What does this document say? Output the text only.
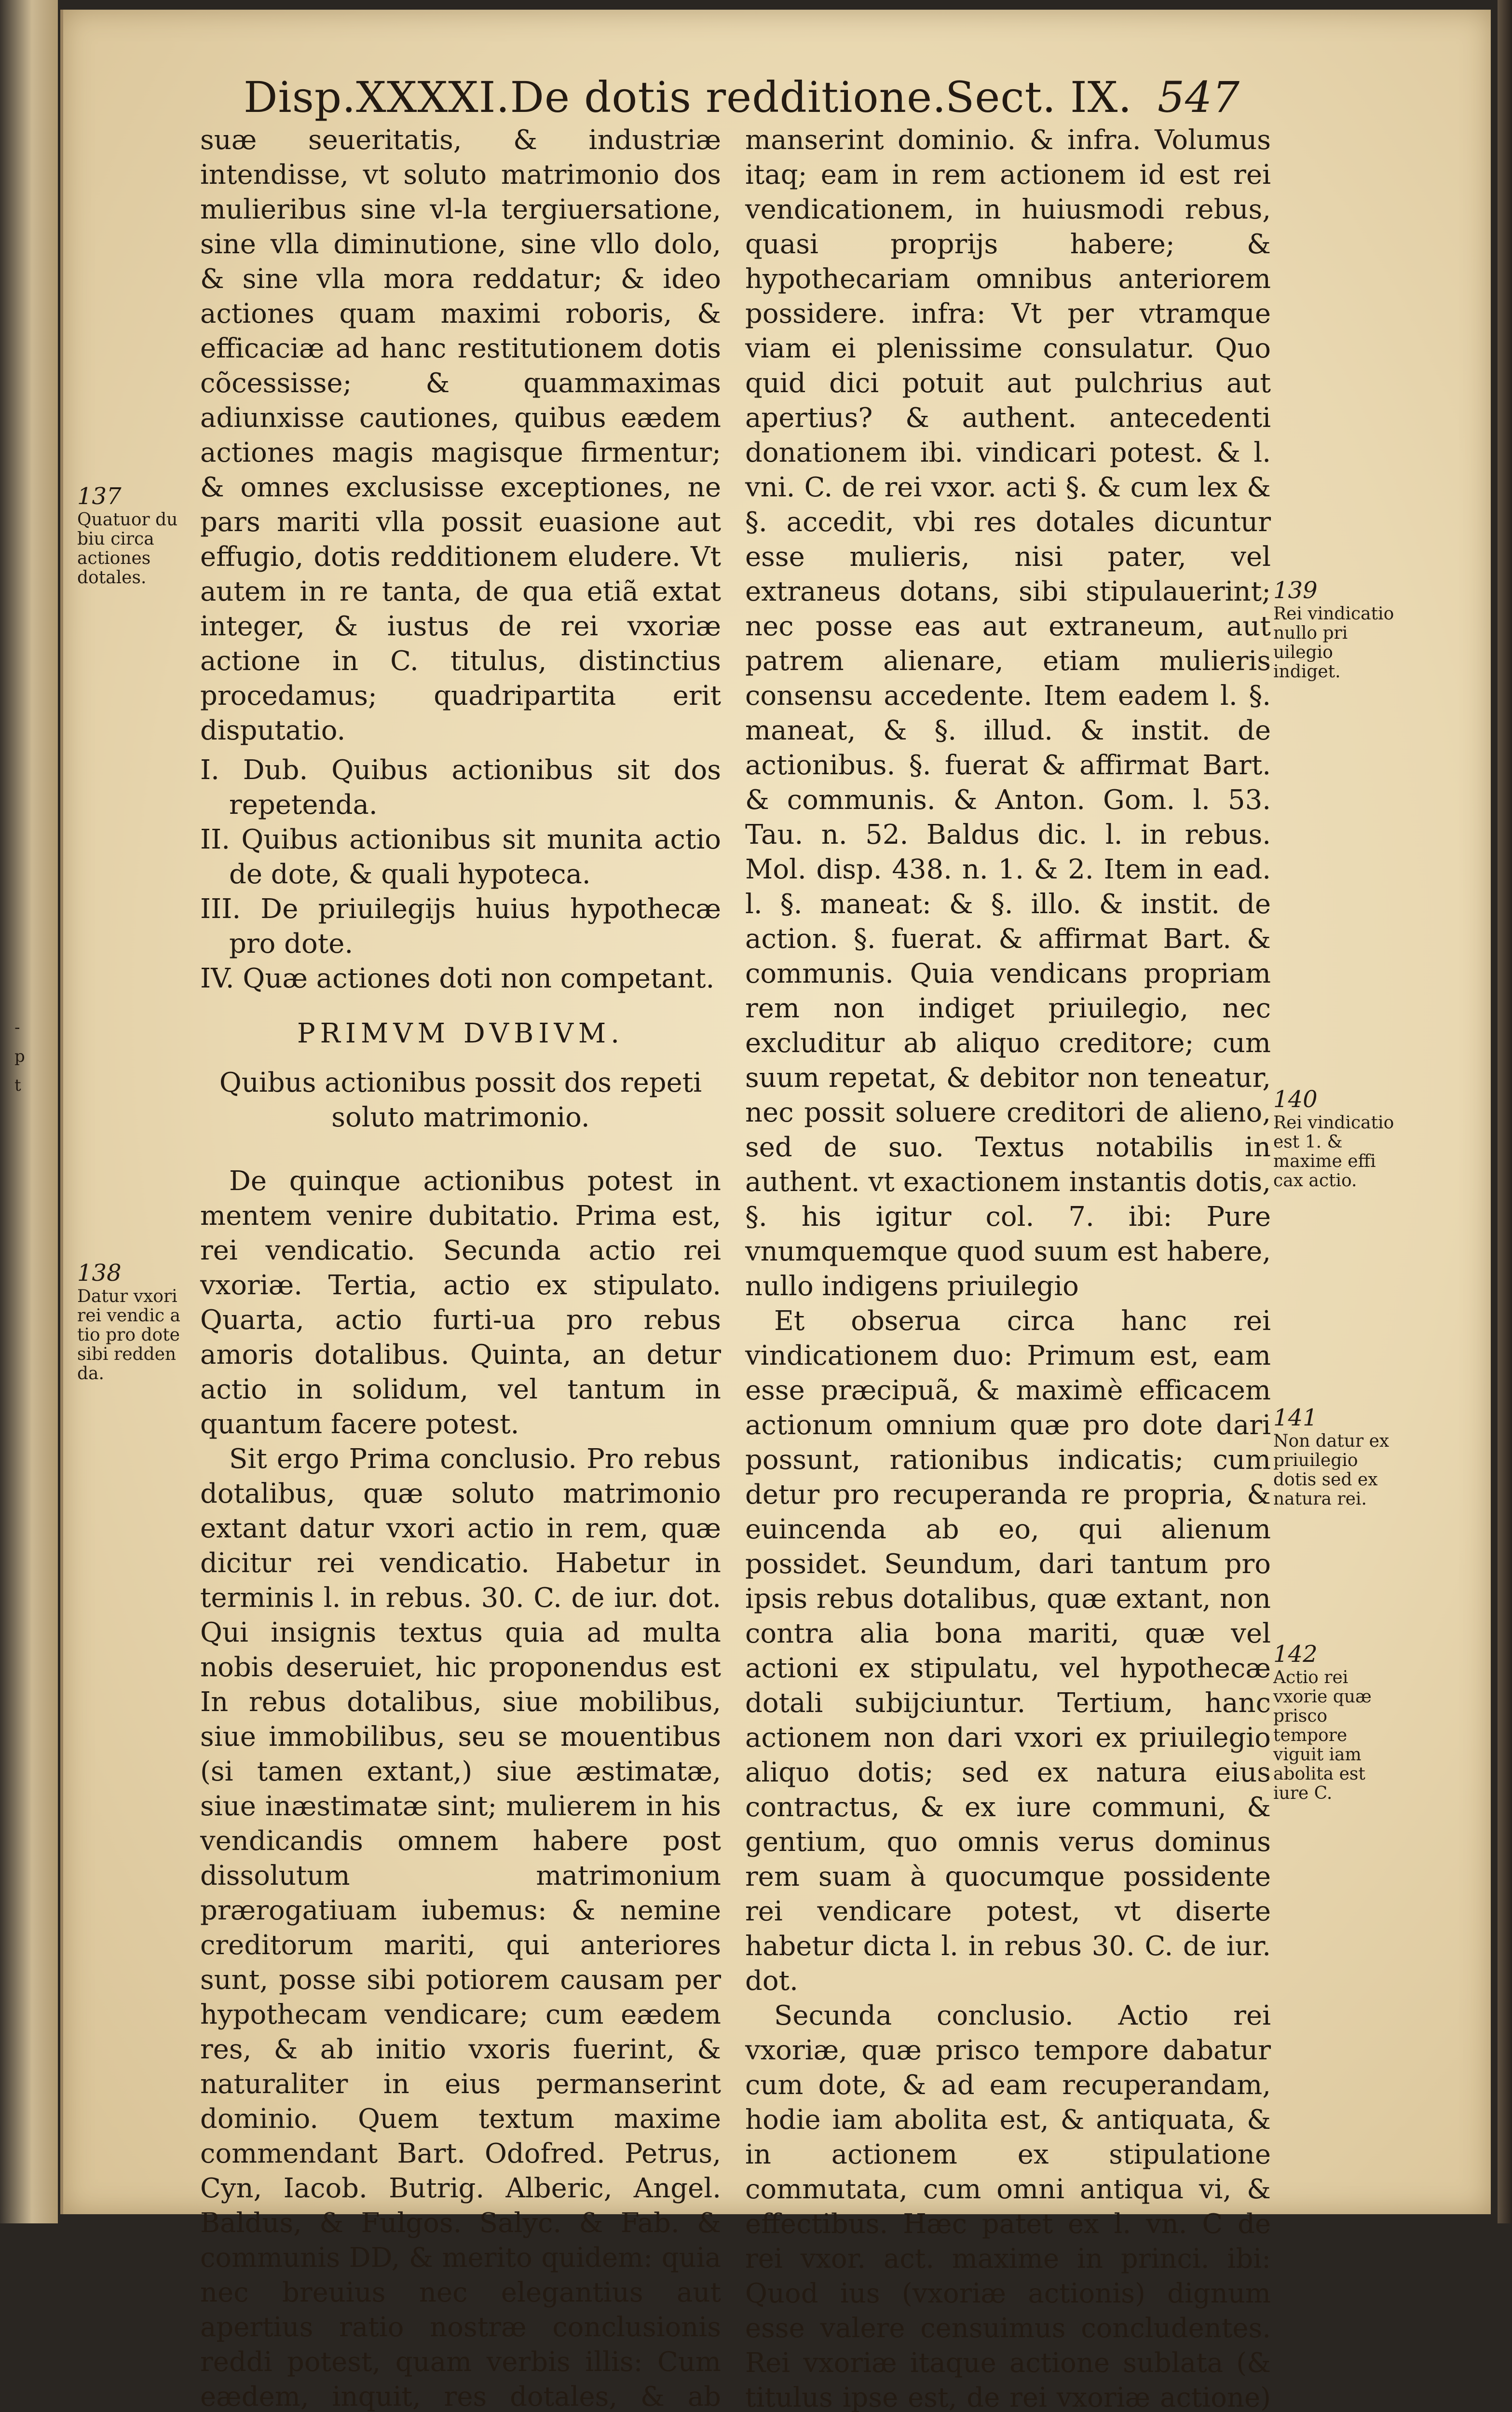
-
p
t
Disp.XXXXI.De dotis redditione.
Sect. IX. 547

suæ seueritatis, & industriæ intendisse, vt soluto matrimonio dos mulieribus sine vl-la tergiuersatione, sine vlla diminutione, sine vllo dolo, & sine vlla mora reddatur; & ideo actiones quam maximi roboris, & efficaciæ ad hanc restitutionem dotis cõcessisse; & quammaximas adiunxisse cautiones, quibus eædem actiones magis magisque firmentur; & omnes exclusisse exceptiones, ne pars mariti vlla possit euasione aut effugio, dotis redditionem eludere. Vt autem in re tanta, de qua etiã extat integer, & iustus de rei vxoriæ actione in C. titulus, distinctius procedamus; quadripartita erit disputatio.

I. Dub. Quibus actionibus sit dos repetenda.
II. Quibus actionibus sit munita actio de dote, & quali hypoteca.
III. De priuilegijs huius hypothecæ pro dote.
IV. Quæ actiones doti non competant.
PRIMVM DVBIVM.
Quibus actionibus possit dos repeti soluto matrimonio.

De quinque actionibus potest in mentem venire dubitatio. Prima est, rei vendicatio. Secunda actio rei vxoriæ. Tertia, actio ex stipulato. Quarta, actio furti-ua pro rebus amoris dotalibus. Quinta, an detur actio in solidum, vel tantum in quantum facere potest.

Sit ergo Prima conclusio. Pro rebus dotalibus, quæ soluto matrimonio extant datur vxori actio in rem, quæ dicitur rei vendicatio. Habetur in terminis l. in rebus. 30. C. de iur. dot. Qui insignis textus quia ad multa nobis deseruiet, hic proponendus est In rebus dotalibus, siue mobilibus, siue immobilibus, seu se mouentibus (si tamen extant,) siue æstimatæ, siue inæstimatæ sint; mulierem in his vendicandis omnem habere post dissolutum matrimonium prærogatiuam iubemus: & nemine creditorum mariti, qui anteriores sunt, posse sibi potiorem causam per hypothecam vendicare; cum eædem res, & ab initio vxoris fuerint, & naturaliter in eius permanserint dominio. Quem textum maxime commendant Bart. Odofred. Petrus, Cyn, Iacob. Butrig. Alberic, Angel. Baldus, & Fulgos. Salyc. & Fab. & communis DD, & merito quidem: quia nec breuius nec elegantius aut apertius ratio nostræ conclusionis reddi potest, quam verbis illis: Cum eædem, inquit, res dotales, & ab

manserint dominio. & infra. Volumus itaq; eam in rem actionem id est rei vendicationem, in huiusmodi rebus, quasi proprijs habere; & hypothecariam omnibus anteriorem possidere. infra: Vt per vtramque viam ei plenissime consulatur. Quo quid dici potuit aut pulchrius aut apertius? & authent. antecedenti donationem ibi. vindicari potest. & l. vni. C. de rei vxor. acti §. & cum lex & §. accedit, vbi res dotales dicuntur esse mulieris, nisi pater, vel extraneus dotans, sibi stipulauerint; nec posse eas aut extraneum, aut patrem alienare, etiam mulieris consensu accedente. Item eadem l. §. maneat, & §. illud. & instit. de actionibus. §. fuerat & affirmat Bart. & communis. & Anton. Gom. l. 53. Tau. n. 52. Baldus dic. l. in rebus. Mol. disp. 438. n. 1. & 2. Item in ead. l. §. maneat: & §. illo. & instit. de action. §. fuerat. & affirmat Bart. & communis. Quia vendicans propriam rem non indiget priuilegio, nec excluditur ab aliquo creditore; cum suum repetat, & debitor non teneatur, nec possit soluere creditori de alieno, sed de suo. Textus notabilis in authent. vt exactionem instantis dotis, §. his igitur col. 7. ibi: Pure vnumquemque quod suum est habere, nullo indigens priuilegio

Et obserua circa hanc rei vindicationem duo: Primum est, eam esse præcipuã, & maximè efficacem actionum omnium quæ pro dote dari possunt, rationibus indicatis; cum detur pro recuperanda re propria, & euincenda ab eo, qui alienum possidet. Seundum, dari tantum pro ipsis rebus dotalibus, quæ extant, non contra alia bona mariti, quæ vel actioni ex stipulatu, vel hypothecæ dotali subijciuntur. Tertium, hanc actionem non dari vxori ex priuilegio aliquo dotis; sed ex natura eius contractus, & ex iure communi, & gentium, quo omnis verus dominus rem suam à quocumque possidente rei vendicare potest, vt diserte habetur dicta l. in rebus 30. C. de iur. dot.

Secunda conclusio. Actio rei vxoriæ, quæ prisco tempore dabatur cum dote, & ad eam recuperandam, hodie iam abolita est, & antiquata, & in actionem ex stipulatione commutata, cum omni antiqua vi, & effectibus. Hæc patet ex l. vn. C de rei vxor. act. maxime in princi. ibi: Quod ius (vxoriæ actionis) dignum esse valere censuimus concludentes. Rei vxoriæ itaque actione sublata (& titulus ipse est, de rei vxoriæ actione)

137
Quatuor du biu circa actiones dotales.
138
Datur vxori rei vendic a tio pro dote sibi redden da.
139
Rei vindicatio nullo pri uilegio indiget.
140
Rei vindicatio est 1. & maxime effi cax actio.
141
Non datur ex priuilegio dotis sed ex natura rei.
142
Actio rei vxorie quæ prisco tempore viguit iam abolita est iure C.
